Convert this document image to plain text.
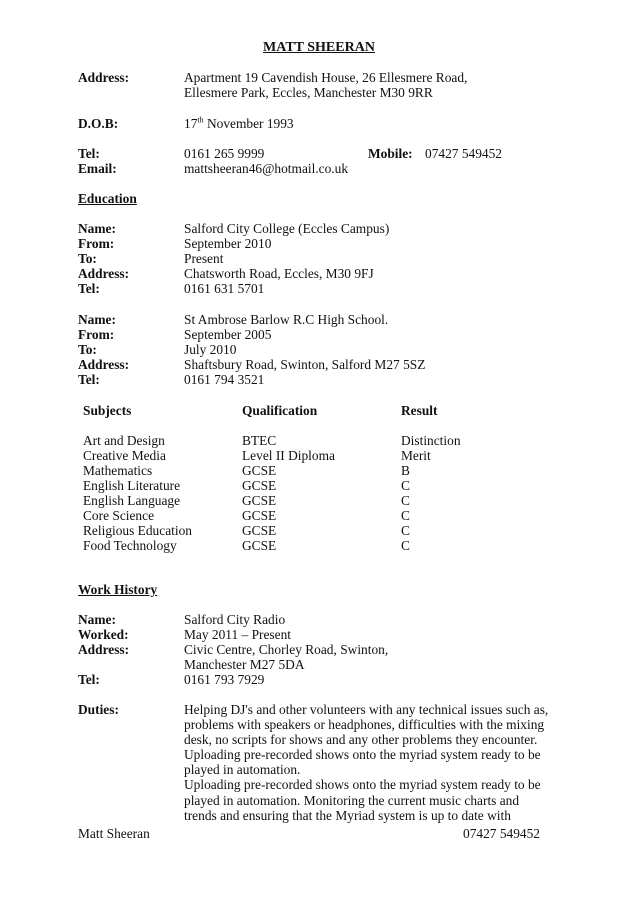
MATT SHEERAN
Address:	Apartment 19 Cavendish House, 26 Ellesmere Road,
Ellesmere Park, Eccles, Manchester M30 9RR
D.O.B:	17th November 1993
Tel:	0161 265 9999	Mobile: 07427 549452
Email:	mattsheeran46@hotmail.co.uk
Education
Name:	Salford City College (Eccles Campus)
From:	September 2010
To:	Present
Address:	Chatsworth Road, Eccles, M30 9FJ
Tel:	0161 631 5701
Name:	St Ambrose Barlow R.C High School.
From:	September 2005
To:	July 2010
Address:	Shaftsbury Road, Swinton, Salford M27 5SZ
Tel:	0161 794 3521
Subjects	Qualification	Result
Art and Design	BTEC	Distinction
Creative Media	Level II Diploma	Merit
Mathematics	GCSE	B
English Literature	GCSE	C
English Language	GCSE	C
Core Science	GCSE	C
Religious Education	GCSE	C
Food Technology	GCSE	C
Work History
Name:	Salford City Radio
Worked:	May 2011 – Present
Address:	Civic Centre, Chorley Road, Swinton,
Manchester M27 5DA
Tel:	0161 793 7929
Duties:	Helping DJ's and other volunteers with any technical issues such as, problems with speakers or headphones, difficulties with the mixing desk, no scripts for shows and any other problems they encounter. Uploading pre-recorded shows onto the myriad system ready to be played in automation.

Uploading pre-recorded shows onto the myriad system ready to be played in automation. Monitoring the current music charts and trends and ensuring that the Myriad system is up to date with

Matt Sheeran	07427 549452
